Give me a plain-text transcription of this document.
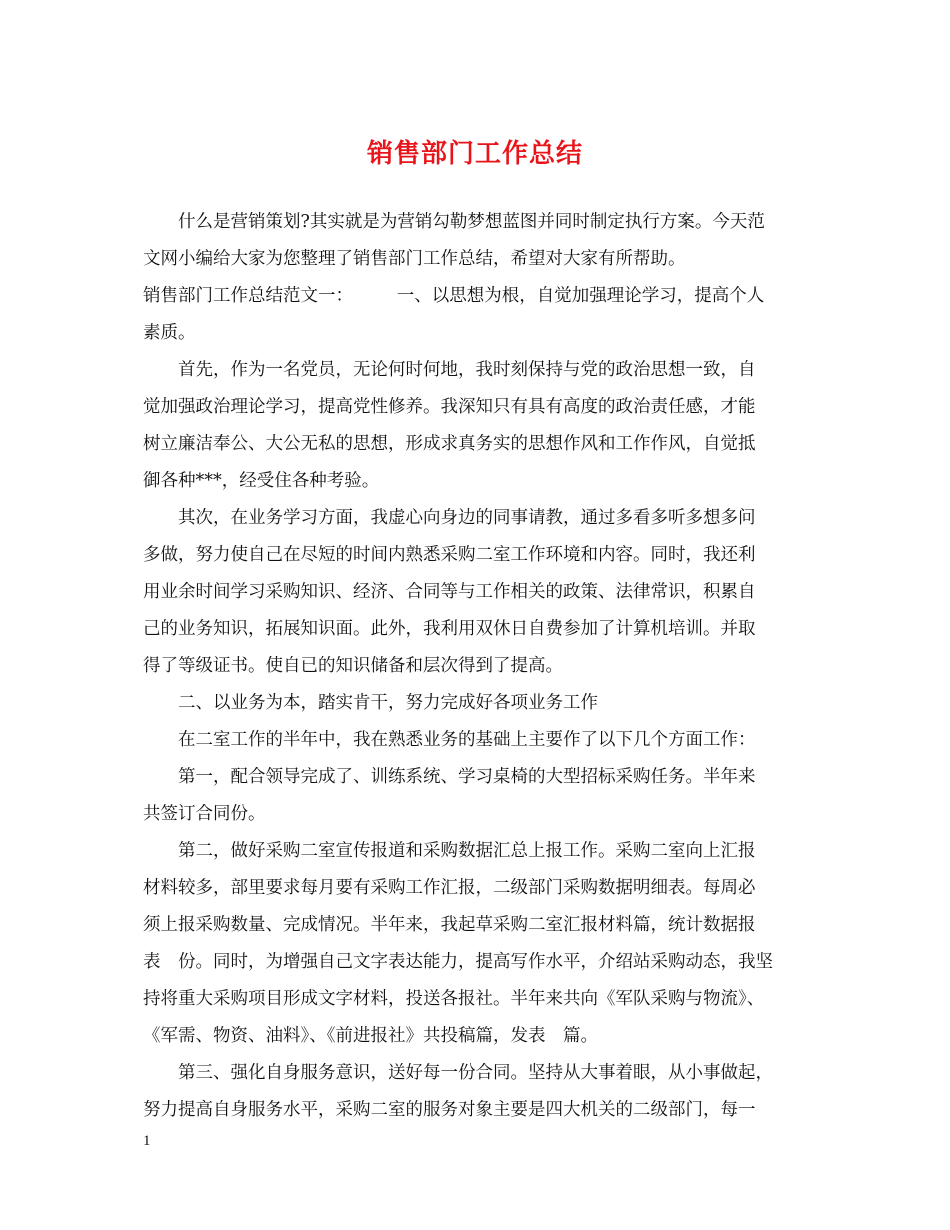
销售部门工作总结
　　什么是营销策划?其实就是为营销勾勒梦想蓝图并同时制定执行方案。今天范
文网小编给大家为您整理了销售部门工作总结，希望对大家有所帮助。
销售部门工作总结范文一：　　　一、以思想为根，自觉加强理论学习，提高个人
素质。
　　首先，作为一名党员，无论何时何地，我时刻保持与党的政治思想一致，自
觉加强政治理论学习，提高党性修养。我深知只有具有高度的政治责任感，才能
树立廉洁奉公、大公无私的思想，形成求真务实的思想作风和工作作风，自觉抵
御各种***，经受住各种考验。
　　其次，在业务学习方面，我虚心向身边的同事请教，通过多看多听多想多问
多做，努力使自己在尽短的时间内熟悉采购二室工作环境和内容。同时，我还利
用业余时间学习采购知识、经济、合同等与工作相关的政策、法律常识，积累自
己的业务知识，拓展知识面。此外，我利用双休日自费参加了计算机培训。并取
得了等级证书。使自已的知识储备和层次得到了提高。
　　二、以业务为本，踏实肯干，努力完成好各项业务工作
　　在二室工作的半年中，我在熟悉业务的基础上主要作了以下几个方面工作：
　　第一，配合领导完成了、训练系统、学习桌椅的大型招标采购任务。半年来
共签订合同份。
　　第二，做好采购二室宣传报道和采购数据汇总上报工作。采购二室向上汇报
材料较多，部里要求每月要有采购工作汇报，二级部门采购数据明细表。每周必
须上报采购数量、完成情况。半年来，我起草采购二室汇报材料篇，统计数据报
表　份。同时，为增强自己文字表达能力，提高写作水平，介绍站采购动态，我坚
持将重大采购项目形成文字材料，投送各报社。半年来共向《军队采购与物流》、
《军需、物资、油料》、《前进报社》共投稿篇，发表　篇。
　　第三、强化自身服务意识，送好每一份合同。坚持从大事着眼，从小事做起，
努力提高自身服务水平，采购二室的服务对象主要是四大机关的二级部门，每一
1
